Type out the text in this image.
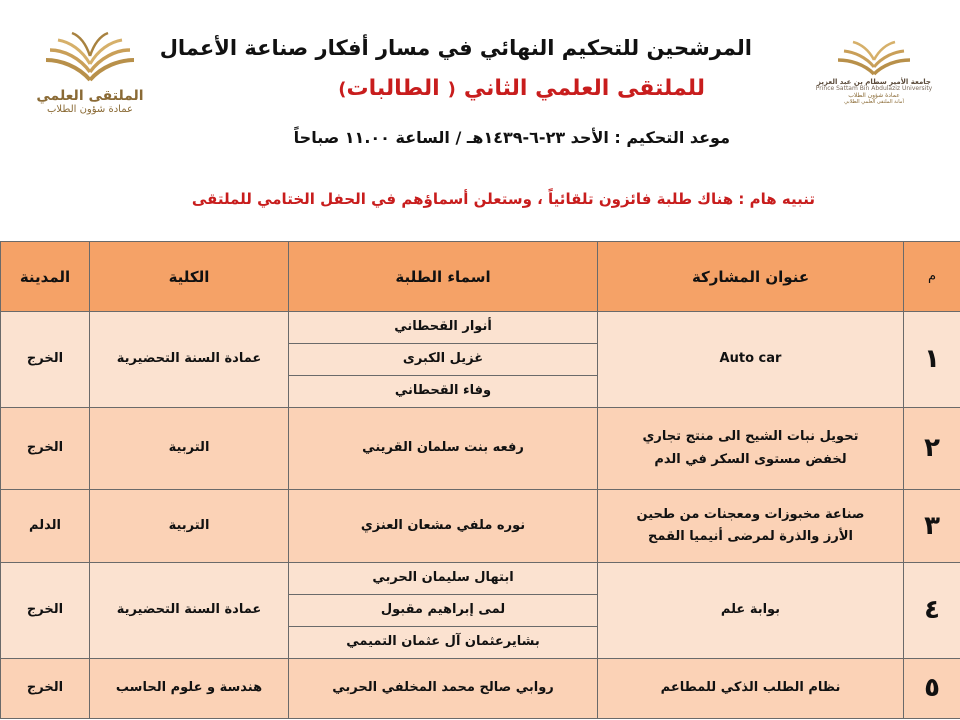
الملتقى العلمي
عمادة شؤون الطلاب
جامعة الأمير سطام بن عبد العزيز
Prince Sattam Bin Abdulaziz University
عمادة شؤون الطلاب
أمانة الملتقى العلمي الطلابي
المرشحين للتحكيم النهائي في مسار أفكار صناعة الأعمال
للملتقى العلمي الثاني(الطالبات)
موعد التحكيم : الأحد ٢٣-٦-١٤٣٩هـ / الساعة ١١.٠٠ صباحاً
تنبيه هام : هناك طلبة فائزون تلقائياً ، وستعلن أسماؤهم في الحفل الختامي للملتقى
م	عنوان المشاركة	اسماء الطلبة	الكلية	المدينة
١	Auto car	أنوار القحطاني	عمادة السنة التحضيرية	الخرج
		غزيل الكبرى		
		وفاء القحطاني		
٢	تحويل نبات الشيح الى منتج تجاري
لخفض مستوى السكر في الدم	رفعه بنت سلمان القريني	التربية	الخرج
٣	صناعة مخبوزات ومعجنات من طحين
الأرز والذرة لمرضى أنيميا القمح	نوره ملفي مشعان العنزي	التربية	الدلم
٤	بوابة علم	ابتهال سليمان الحربي	عمادة السنة التحضيرية	الخرج
		لمى إبراهيم مقبول		
		بشايرعثمان آل عثمان التميمي		
٥	نظام الطلب الذكي للمطاعم	روابي صالح محمد المخلفي الحربي	هندسة و علوم الحاسب	الخرج
